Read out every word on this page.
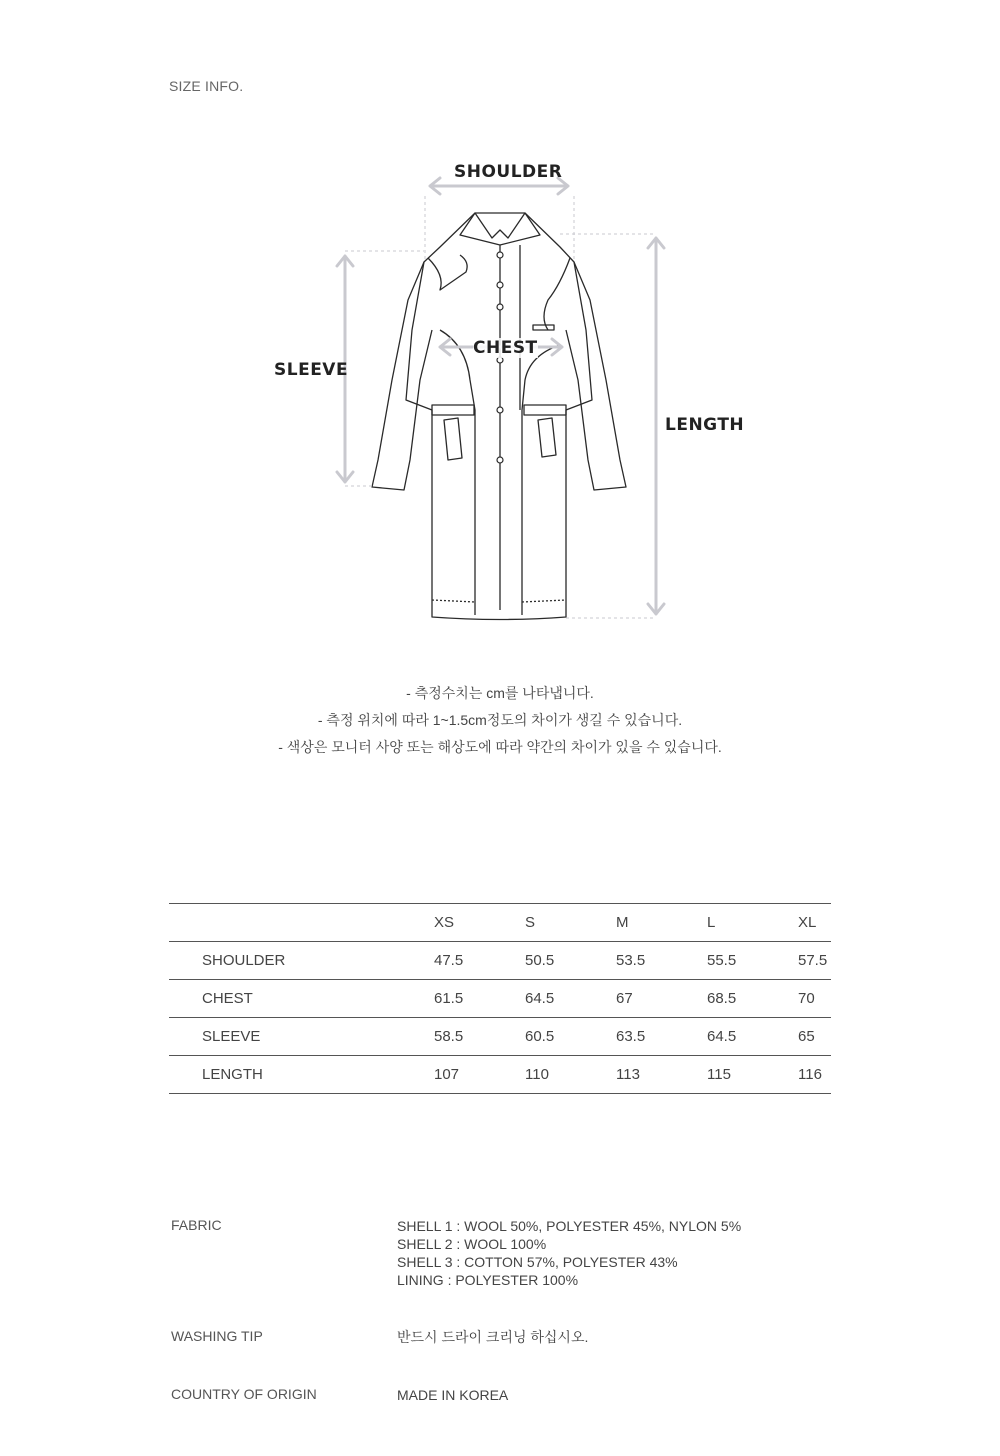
SIZE INFO.
SHOULDER
CHEST
SLEEVE
LENGTH
- 측정수치는 cm를 나타냅니다.
- 측정 위치에 따라 1~1.5cm정도의 차이가 생길 수 있습니다.
- 색상은 모니터 사양 또는 해상도에 따라 약간의 차이가 있을 수 있습니다.
	XS	S	M	L	XL
SHOULDER	47.5	50.5	53.5	55.5	57.5
CHEST	61.5	64.5	67	68.5	70
SLEEVE	58.5	60.5	63.5	64.5	65
LENGTH	107	110	113	115	116
FABRIC	SHELL 1 : WOOL 50%, POLYESTER 45%, NYLON 5%
SHELL 2 : WOOL 100%
SHELL 3 : COTTON 57%, POLYESTER 43%
LINING : POLYESTER 100%
WASHING TIP	반드시 드라이 크리닝 하십시오.
COUNTRY OF ORIGIN	MADE IN KOREA
